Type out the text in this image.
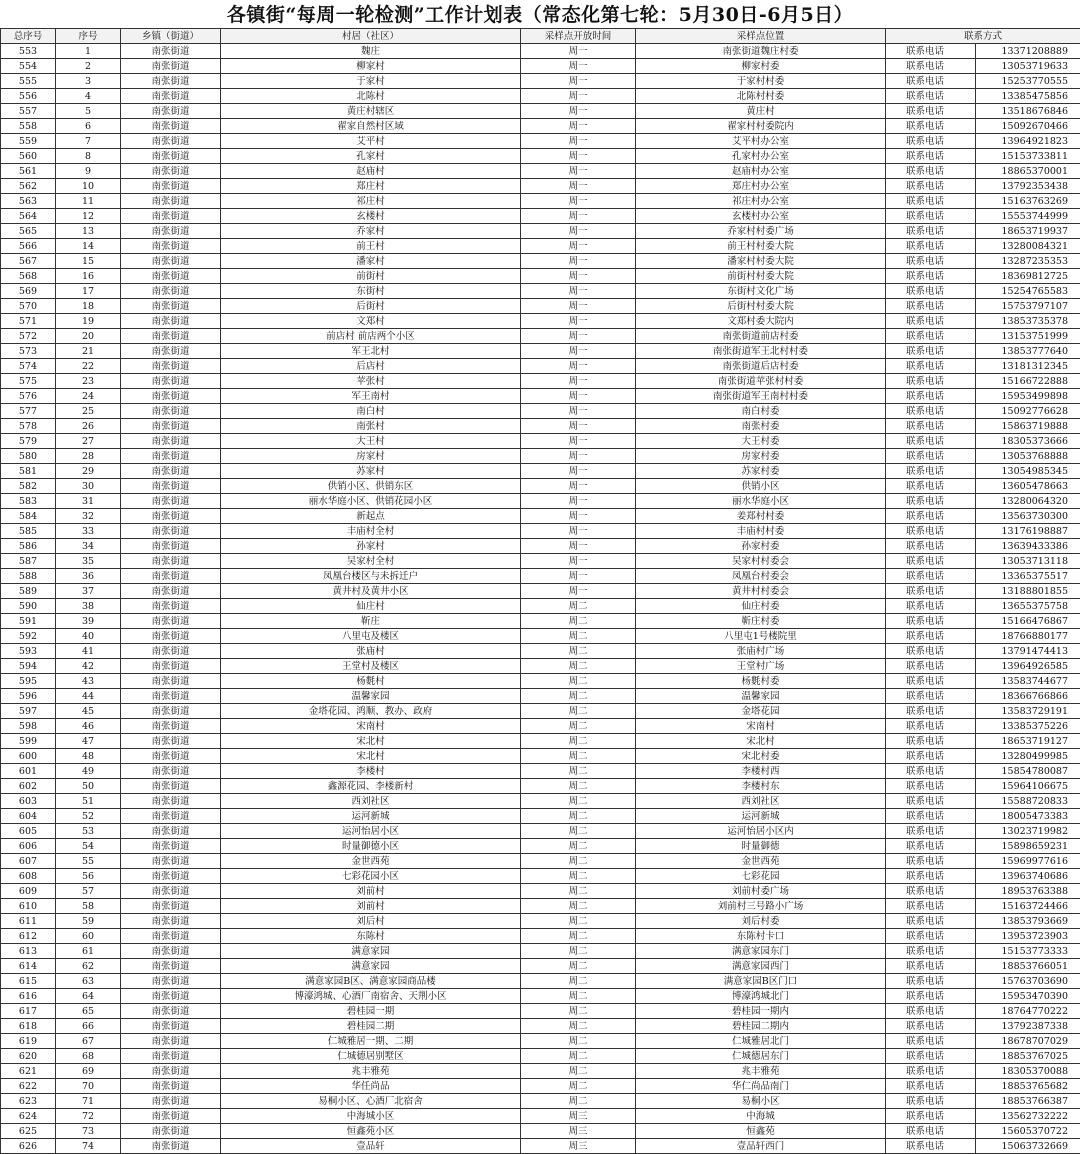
各镇街“每周一轮检测”工作计划表（常态化第七轮：5月30日-6月5日）
总序号	序号	乡镇（街道）	村居（社区）	采样点开放时间	采样点位置	联系方式	
553	1	南张街道	魏庄	周一	南张街道魏庄村委	联系电话	13371208889
554	2	南张街道	柳家村	周一	柳家村委	联系电话	13053719633
555	3	南张街道	于家村	周一	于家村村委	联系电话	15253770555
556	4	南张街道	北陈村	周一	北陈村村委	联系电话	13385475856
557	5	南张街道	黄庄村辖区	周一	黄庄村	联系电话	13518676846
558	6	南张街道	翟家自然村区域	周一	翟家村村委院内	联系电话	15092670466
559	7	南张街道	艾平村	周一	艾平村办公室	联系电话	13964921823
560	8	南张街道	孔家村	周一	孔家村办公室	联系电话	15153733811
561	9	南张街道	赵庙村	周一	赵庙村办公室	联系电话	18865370001
562	10	南张街道	郑庄村	周一	郑庄村办公室	联系电话	13792353438
563	11	南张街道	祁庄村	周一	祁庄村办公室	联系电话	15163763269
564	12	南张街道	玄楼村	周一	玄楼村办公室	联系电话	15553744999
565	13	南张街道	乔家村	周一	乔家村村委广场	联系电话	18653719937
566	14	南张街道	前王村	周一	前王村村委大院	联系电话	13280084321
567	15	南张街道	潘家村	周一	潘家村村委大院	联系电话	13287235353
568	16	南张街道	前街村	周一	前街村村委大院	联系电话	18369812725
569	17	南张街道	东街村	周一	东街村文化广场	联系电话	15254765583
570	18	南张街道	后街村	周一	后街村村委大院	联系电话	15753797107
571	19	南张街道	文郑村	周一	文郑村委大院内	联系电话	13853735378
572	20	南张街道	前店村 前店两个小区	周一	南张街道前店村委	联系电话	13153751999
573	21	南张街道	军王北村	周一	南张街道军王北村村委	联系电话	13853777640
574	22	南张街道	后店村	周一	南张街道后店村委	联系电话	13181312345
575	23	南张街道	苹张村	周一	南张街道苹张村村委	联系电话	15166722888
576	24	南张街道	军王南村	周一	南张街道军王南村村委	联系电话	15953499898
577	25	南张街道	南白村	周一	南白村委	联系电话	15092776628
578	26	南张街道	南张村	周一	南张村委	联系电话	15863719888
579	27	南张街道	大王村	周一	大王村委	联系电话	18305373666
580	28	南张街道	房家村	周一	房家村委	联系电话	13053768888
581	29	南张街道	苏家村	周一	苏家村委	联系电话	13054985345
582	30	南张街道	供销小区、供销东区	周一	供销小区	联系电话	13605478663
583	31	南张街道	丽水华庭小区、供销花园小区	周一	丽水华庭小区	联系电话	13280064320
584	32	南张街道	新起点	周一	姜郑村村委	联系电话	13563730300
585	33	南张街道	丰庙村全村	周一	丰庙村村委	联系电话	13176198887
586	34	南张街道	孙家村	周一	孙家村委	联系电话	13639433386
587	35	南张街道	吴家村全村	周一	吴家村村委会	联系电话	13053713118
588	36	南张街道	凤凰台楼区与未拆迁户	周一	凤凰台村委会	联系电话	13365375517
589	37	南张街道	黄井村及黄井小区	周一	黄井村村委会	联系电话	13188801855
590	38	南张街道	仙庄村	周二	仙庄村委	联系电话	13655375758
591	39	南张街道	靳庄	周二	靳庄村委	联系电话	15166476867
592	40	南张街道	八里屯及楼区	周二	八里屯1号楼院里	联系电话	18766880177
593	41	南张街道	张庙村	周二	张庙村广场	联系电话	13791474413
594	42	南张街道	王堂村及楼区	周二	王堂村广场	联系电话	13964926585
595	43	南张街道	杨氀村	周二	杨氀村委	联系电话	13583744677
596	44	南张街道	温馨家园	周二	温馨家园	联系电话	18366766866
597	45	南张街道	金塔花园、鸿顺、教办、政府	周二	金塔花园	联系电话	13583729191
598	46	南张街道	宋南村	周二	宋南村	联系电话	13385375226
599	47	南张街道	宋北村	周二	宋北村	联系电话	18653719127
600	48	南张街道	宋北村	周二	宋北村委	联系电话	13280499985
601	49	南张街道	李楼村	周二	李楼村西	联系电话	15854780087
602	50	南张街道	鑫源花园、李楼新村	周二	李楼村东	联系电话	15964106675
603	51	南张街道	西刘社区	周二	西刘社区	联系电话	15588720833
604	52	南张街道	运河新城	周二	运河新城	联系电话	18005473383
605	53	南张街道	运河怡居小区	周二	运河怡居小区内	联系电话	13023719982
606	54	南张街道	时量御德小区	周二	时量御德	联系电话	15898659231
607	55	南张街道	金世西苑	周二	金世西苑	联系电话	15969977616
608	56	南张街道	七彩花园小区	周二	七彩花园	联系电话	13963740686
609	57	南张街道	刘前村	周二	刘前村委广场	联系电话	18953763388
610	58	南张街道	刘前村	周二	刘前村三号路小广场	联系电话	15163724466
611	59	南张街道	刘后村	周二	刘后村委	联系电话	13853793669
612	60	南张街道	东陈村	周二	东陈村卡口	联系电话	13953723903
613	61	南张街道	满意家园	周二	满意家园东门	联系电话	15153773333
614	62	南张街道	满意家园	周二	满意家园西门	联系电话	18853766051
615	63	南张街道	满意家园B区、满意家园商品楼	周二	满意家园B区门口	联系电话	15763703690
616	64	南张街道	博濠鸿城、心酒厂南宿舍、天荆小区	周二	博濠鸿城北门	联系电话	15953470390
617	65	南张街道	碧桂园一期	周二	碧桂园一期内	联系电话	18764770222
618	66	南张街道	碧桂园二期	周二	碧桂园二期内	联系电话	13792387338
619	67	南张街道	仁城雅居一期、二期	周二	仁城雅居北门	联系电话	18678707029
620	68	南张街道	仁城德居别墅区	周二	仁城德居东门	联系电话	18853767025
621	69	南张街道	兆丰雅苑	周二	兆丰雅苑	联系电话	18305370088
622	70	南张街道	华任尚品	周二	华仁尚品南门	联系电话	18853765682
623	71	南张街道	易桐小区、心酒厂北宿舍	周二	易桐小区	联系电话	18853766387
624	72	南张街道	中海城小区	周三	中海城	联系电话	13562732222
625	73	南张街道	恒鑫苑小区	周三	恒鑫苑	联系电话	15605370722
626	74	南张街道	壹品轩	周三	壹品轩西门	联系电话	15063732669
